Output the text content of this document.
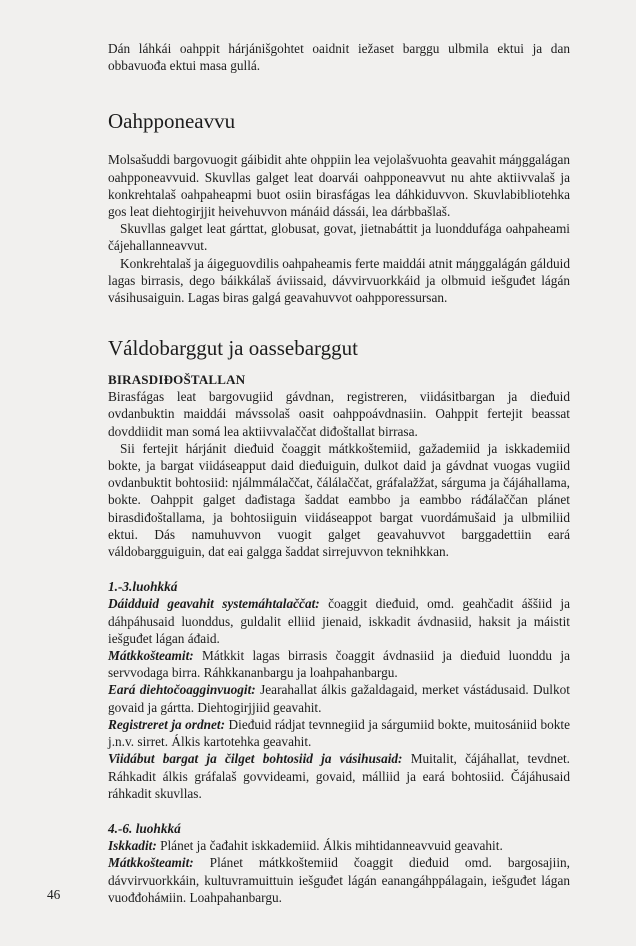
Dán láhkái oahppit hárjánišgohtet oaidnit iežaset barggu ulbmila ektui ja dan obbavuođa ektui masa gullá.

Oahpponeavvu

Molsašuddi bargovuogit gáibidit ahte ohppiin lea vejolašvuohta geavahit máŋggalágan oahpponeavvuid. Skuvllas galget leat doarvái oahpponeavvut nu ahte aktiivvalaš ja konkrehtalaš oahpaheapmi buot osiin birasfágas lea dáhkiduvvon. Skuvlabibliotehka gos leat diehtogirjjit heivehuvvon mánáid dássái, lea dárbbašlaš.

Skuvllas galget leat gárttat, globusat, govat, jietnabáttit ja luonddufága oahpaheami čájehallanneavvut.

Konkrehtalaš ja áigeguovdilis oahpaheamis ferte maiddái atnit máŋggalágán gálduid lagas birrasis, dego báikkálaš áviissaid, dávvirvuorkkáid ja olbmuid iešguđet lágán vásihusaiguin. Lagas biras galgá geavahuvvot oahpporessursan.

Váldobarggut ja oassebarggut
BIRASDIĐOŠTALLAN

Birasfágas leat bargovugiid gávdnan, registreren, viidásitbargan ja dieđuid ovdanbuktin maiddái mávssolaš oasit oahppoávdnasiin. Oahppit fertejit beassat dovddiidit man somá lea aktiivvalaččat diđoštallat birrasa.

Sii fertejit hárjánit dieđuid čoaggit mátkkoštemiid, gažademiid ja iskkademiid bokte, ja bargat viidáseapput daid dieđuiguin, dulkot daid ja gávdnat vuogas vugiid ovdanbuktit bohtosiid: njálmmálaččat, čálálaččat, gráfalažžat, sárguma ja čájáhallama, bokte. Oahppit galget dađistaga šaddat eambbo ja eambbo ráđálaččan plánet birasdiđoštallama, ja bohtosiiguin viidáseappot bargat vuordámušaid ja ulbmiliid ektui. Dás namuhuvvon vuogit galget geavahuvvot barggadettiin eará váldobargguiguin, dat eai galgga šaddat sirrejuvvon teknihkkan.

1.-3.luohkká

Dáidduid geavahit systemáhtalaččat: čoaggit dieđuid, omd. geahčadit áššiid ja dáhpáhusaid luonddus, guldalit elliid jienaid, iskkadit ávdnasiid, haksit ja máistit iešguđet lágan áđaid.

Mátkkošteamit: Mátkkit lagas birrasis čoaggit ávdnasiid ja dieđuid luonddu ja servvodaga birra. Ráhkkananbargu ja loahpahanbargu.

Eará diehtočoagginvuogit: Jearahallat álkis gažaldagaid, merket vástádusaid. Dulkot govaid ja gártta. Diehtogirjjiid geavahit.

Registreret ja ordnet: Dieđuid rádjat tevnnegiid ja sárgumiid bokte, muitosániid bokte j.n.v. sirret. Álkis kartotehka geavahit.

Viidábut bargat ja čilget bohtosiid ja vásihusaid: Muitalit, čájáhallat, tevdnet. Ráhkadit álkis gráfalaš govvideami, govaid, málliid ja eará bohtosiid. Čájáhusaid ráhkadit skuvllas.

4.-6. luohkká

Iskkadit: Plánet ja čađahit iskkademiid. Álkis mihtidanneavvuid geavahit.

Mátkkošteamit: Plánet mátkkoštemiid čoaggit dieđuid omd. bargosajiin, dávvirvuorkkáin, kultuvramuittuin iešguđet lágán eanangáhppálagain, iešguđet lágan vuođđoháміin. Loahpahanbargu.

46
